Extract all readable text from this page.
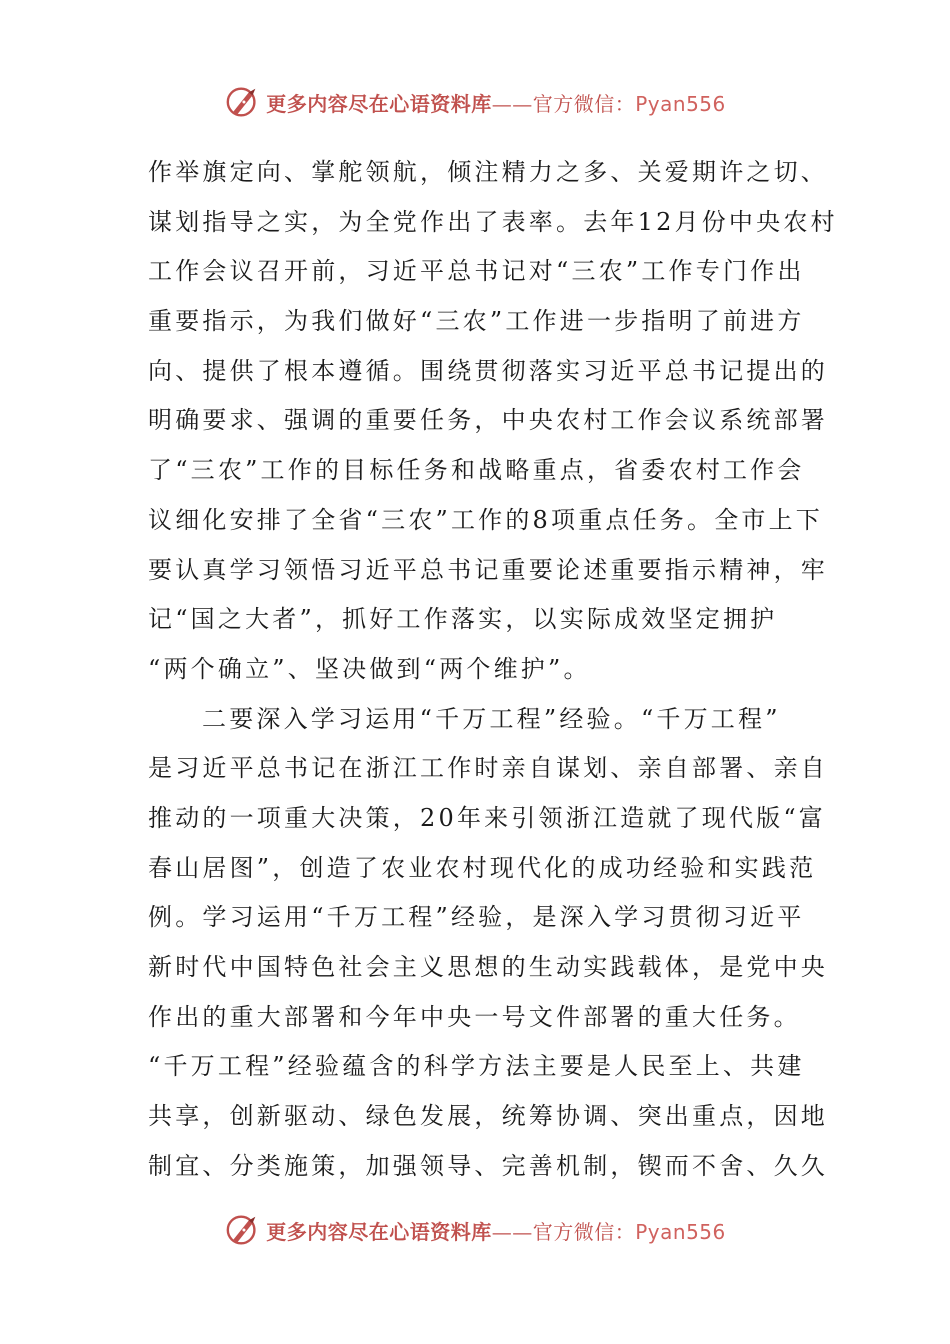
更多内容尽在心语资料库——官方微信：Pyan556
作举旗定向、掌舵领航，倾注精力之多、关爱期许之切、
谋划指导之实，为全党作出了表率。去年12月份中央农村
工作会议召开前，习近平总书记对“三农”工作专门作出
重要指示，为我们做好“三农”工作进一步指明了前进方
向、提供了根本遵循。围绕贯彻落实习近平总书记提出的
明确要求、强调的重要任务，中央农村工作会议系统部署
了“三农”工作的目标任务和战略重点，省委农村工作会
议细化安排了全省“三农”工作的8项重点任务。全市上下
要认真学习领悟习近平总书记重要论述重要指示精神，牢
记“国之大者”，抓好工作落实，以实际成效坚定拥护
“两个确立”、坚决做到“两个维护”。
二要深入学习运用“千万工程”经验。“千万工程”
是习近平总书记在浙江工作时亲自谋划、亲自部署、亲自
推动的一项重大决策，20年来引领浙江造就了现代版“富
春山居图”，创造了农业农村现代化的成功经验和实践范
例。学习运用“千万工程”经验，是深入学习贯彻习近平
新时代中国特色社会主义思想的生动实践载体，是党中央
作出的重大部署和今年中央一号文件部署的重大任务。
“千万工程”经验蕴含的科学方法主要是人民至上、共建
共享，创新驱动、绿色发展，统筹协调、突出重点，因地
制宜、分类施策，加强领导、完善机制，锲而不舍、久久
更多内容尽在心语资料库——官方微信：Pyan556
